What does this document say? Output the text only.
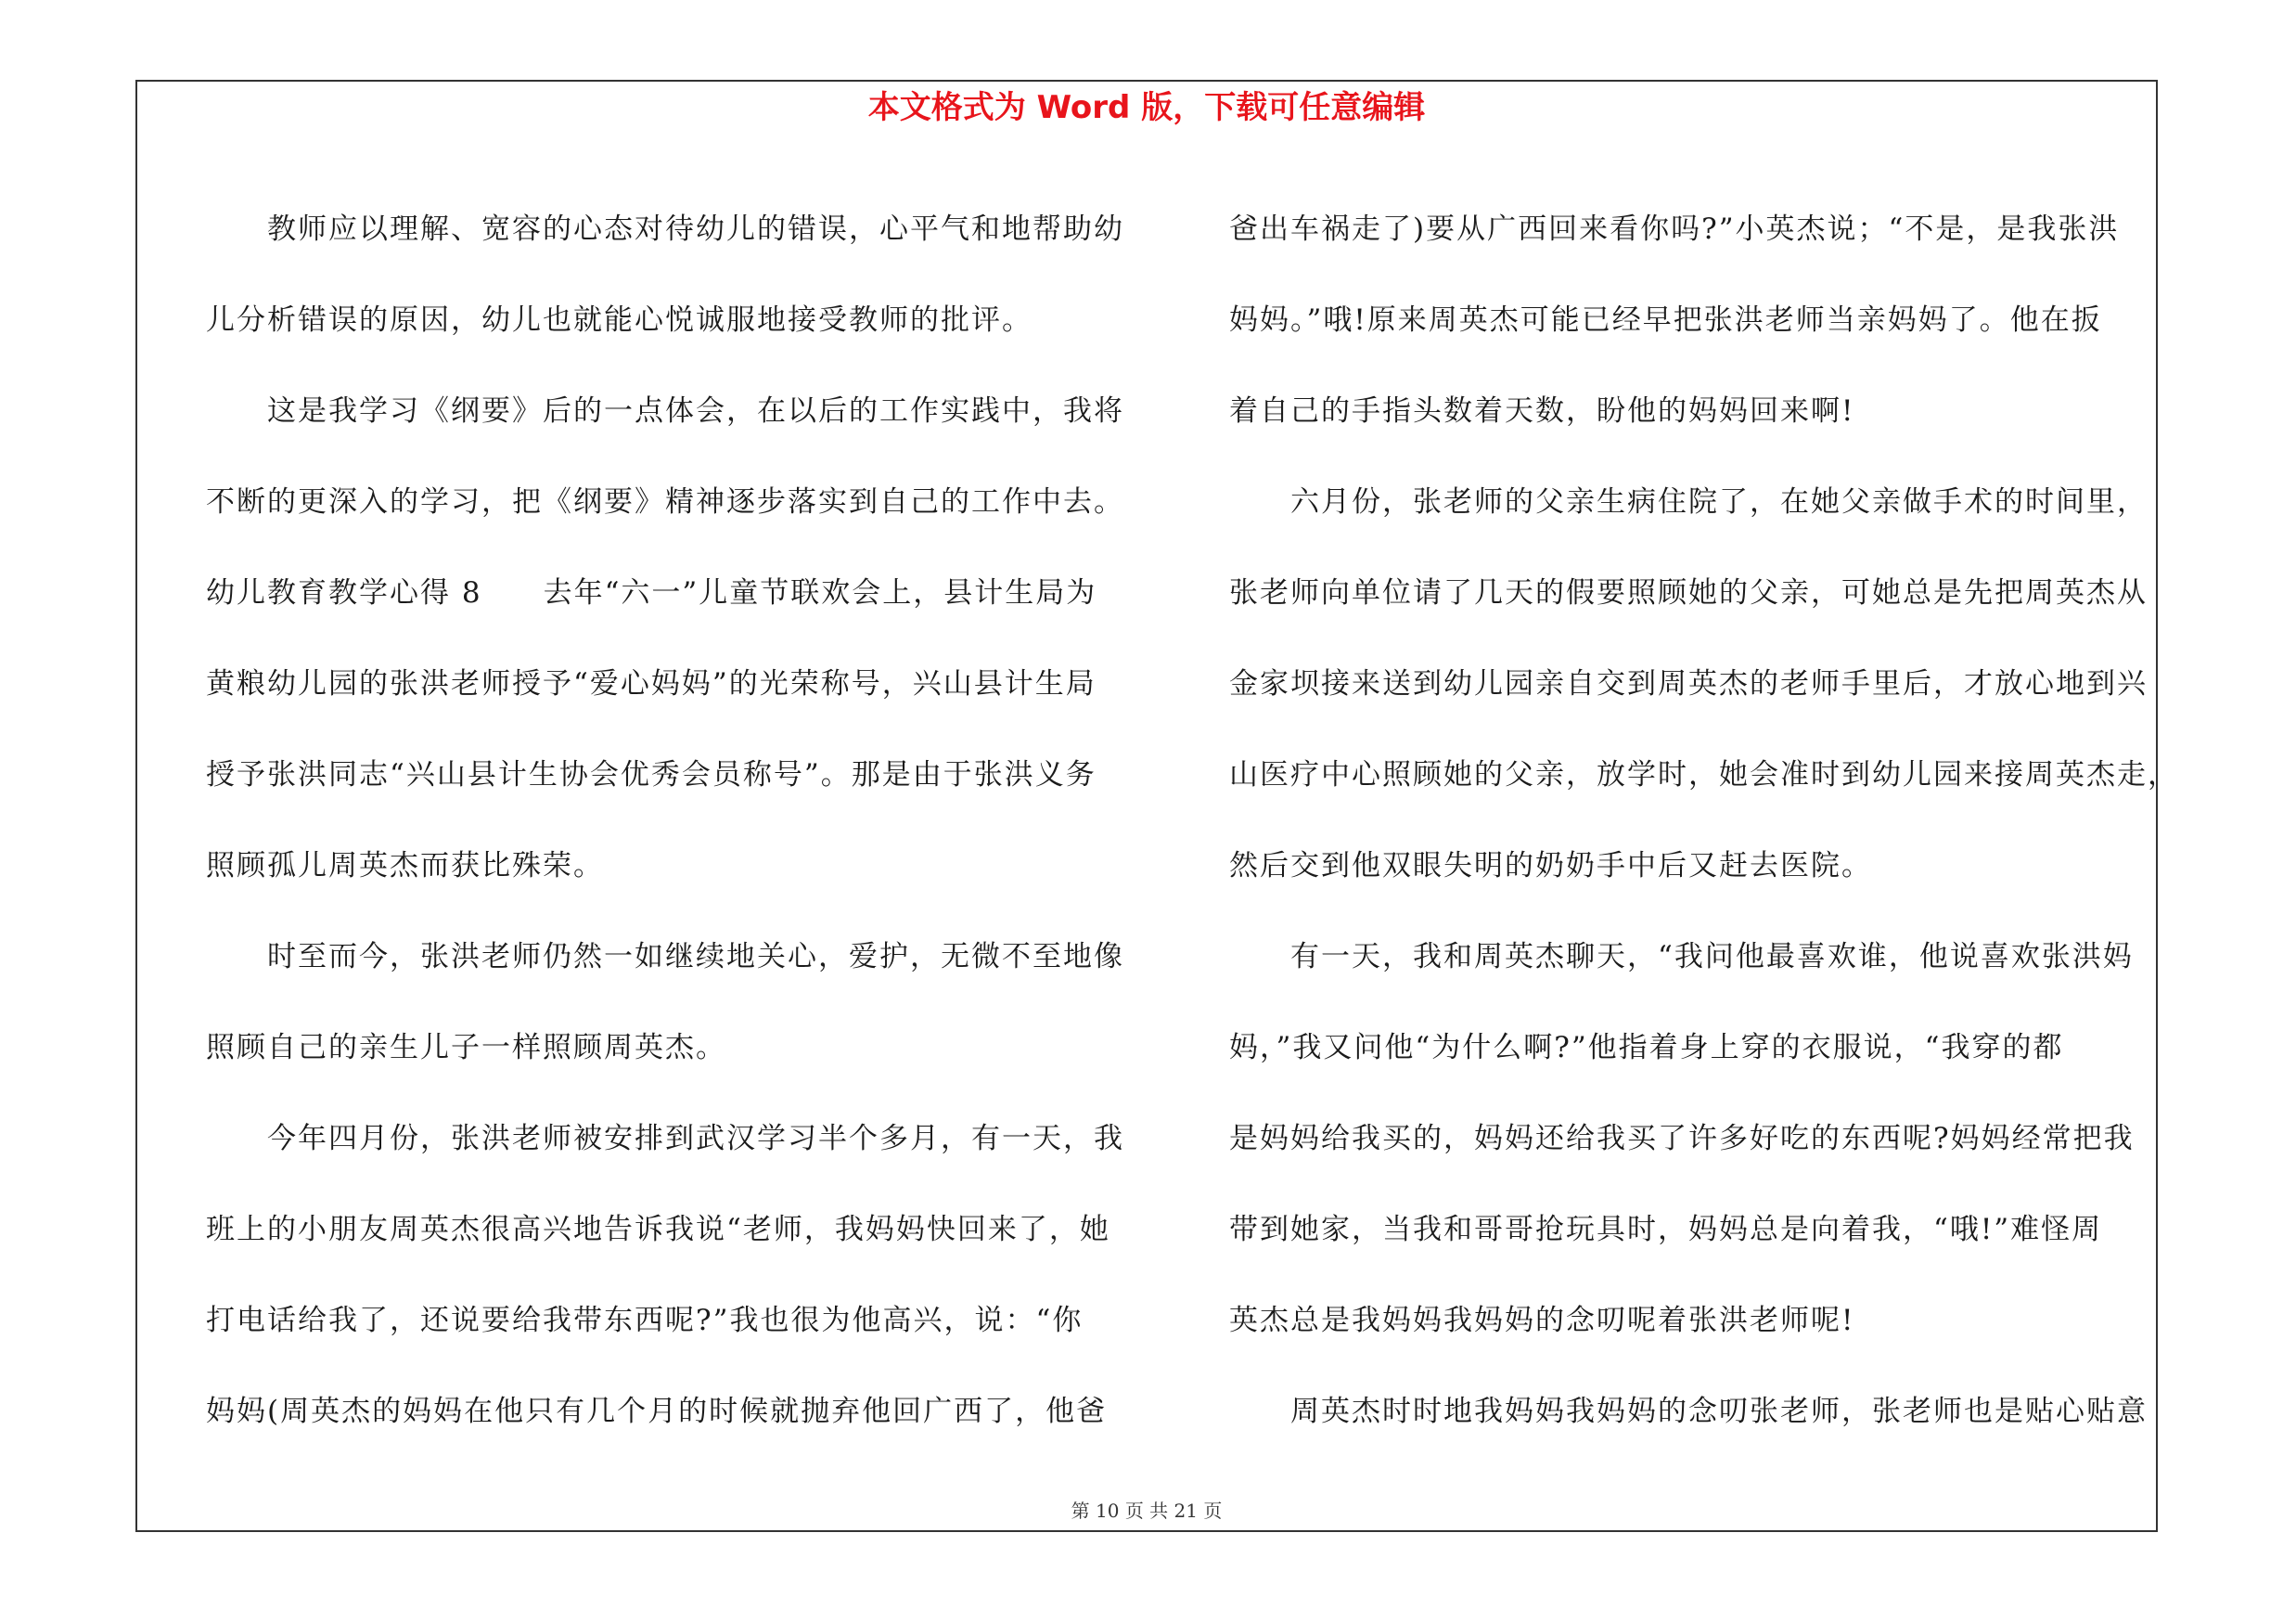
本文格式为 Word 版，下载可任意编辑
教师应以理解、宽容的心态对待幼儿的错误，心平气和地帮助幼
儿分析错误的原因，幼儿也就能心悦诚服地接受教师的批评。
这是我学习《纲要》后的一点体会，在以后的工作实践中，我将
不断的更深入的学习，把《纲要》精神逐步落实到自己的工作中去。
幼儿教育教学心得 8　　去年“六一”儿童节联欢会上，县计生局为
黄粮幼儿园的张洪老师授予“爱心妈妈”的光荣称号，兴山县计生局
授予张洪同志“兴山县计生协会优秀会员称号”。那是由于张洪义务
照顾孤儿周英杰而获比殊荣。
时至而今，张洪老师仍然一如继续地关心，爱护，无微不至地像
照顾自己的亲生儿子一样照顾周英杰。
今年四月份，张洪老师被安排到武汉学习半个多月，有一天，我
班上的小朋友周英杰很高兴地告诉我说“老师，我妈妈快回来了，她
打电话给我了，还说要给我带东西呢?”我也很为他高兴，说：“你
妈妈(周英杰的妈妈在他只有几个月的时候就抛弃他回广西了，他爸
爸出车祸走了)要从广西回来看你吗?”小英杰说；“不是，是我张洪
妈妈。”哦!原来周英杰可能已经早把张洪老师当亲妈妈了。他在扳
着自己的手指头数着天数，盼他的妈妈回来啊!
六月份，张老师的父亲生病住院了，在她父亲做手术的时间里，
张老师向单位请了几天的假要照顾她的父亲，可她总是先把周英杰从
金家坝接来送到幼儿园亲自交到周英杰的老师手里后，才放心地到兴
山医疗中心照顾她的父亲，放学时，她会准时到幼儿园来接周英杰走，
然后交到他双眼失明的奶奶手中后又赶去医院。
有一天，我和周英杰聊天，“我问他最喜欢谁，他说喜欢张洪妈
妈，”我又问他“为什么啊?”他指着身上穿的衣服说，“我穿的都
是妈妈给我买的，妈妈还给我买了许多好吃的东西呢?妈妈经常把我
带到她家，当我和哥哥抢玩具时，妈妈总是向着我，“哦!”难怪周
英杰总是我妈妈我妈妈的念叨呢着张洪老师呢!
周英杰时时地我妈妈我妈妈的念叨张老师，张老师也是贴心贴意
第 10 页 共 21 页
